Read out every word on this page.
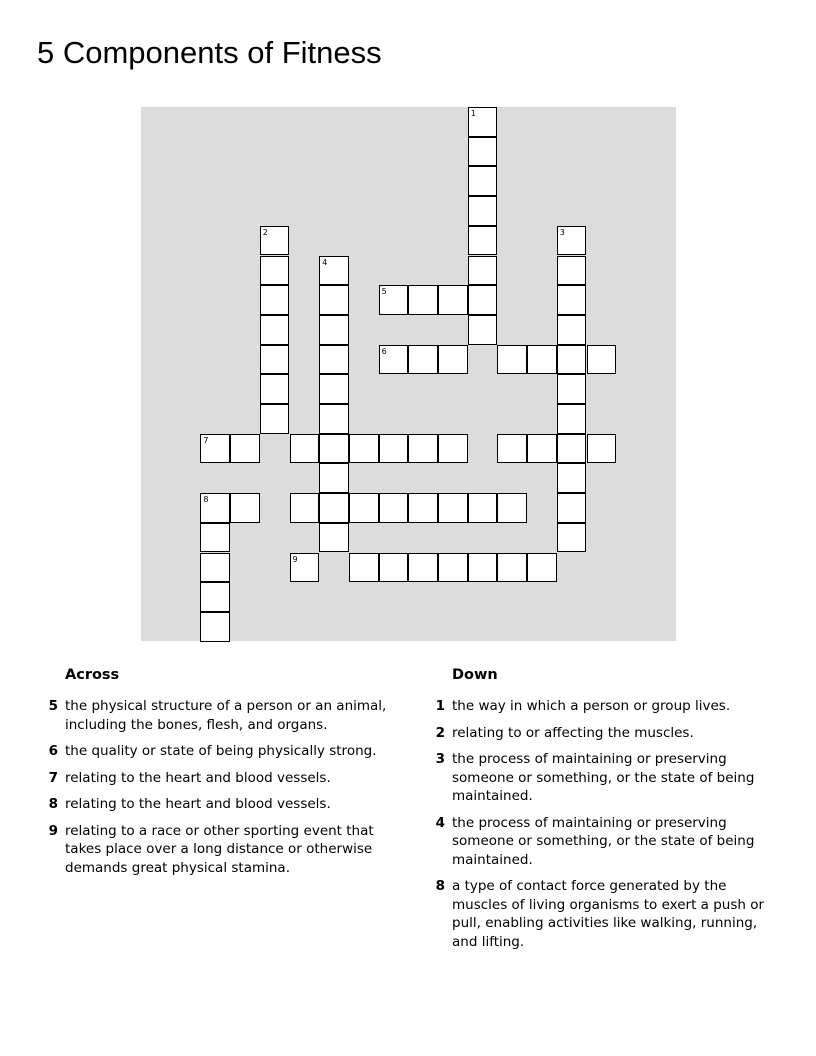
5 Components of Fitness
1
2	3
4
5
6
7
8
9
Across
5 the physical structure of a person or an animal, including the bones, flesh, and organs.
6 the quality or state of being physically strong.
7 relating to the heart and blood vessels.
8 relating to the heart and blood vessels.
9 relating to a race or other sporting event that takes place over a long distance or otherwise demands great physical stamina.
Down
1 the way in which a person or group lives.
2 relating to or affecting the muscles.
3 the process of maintaining or preserving someone or something, or the state of being maintained.
4 the process of maintaining or preserving someone or something, or the state of being maintained.
8 a type of contact force generated by the muscles of living organisms to exert a push or pull, enabling activities like walking, running, and lifting.
